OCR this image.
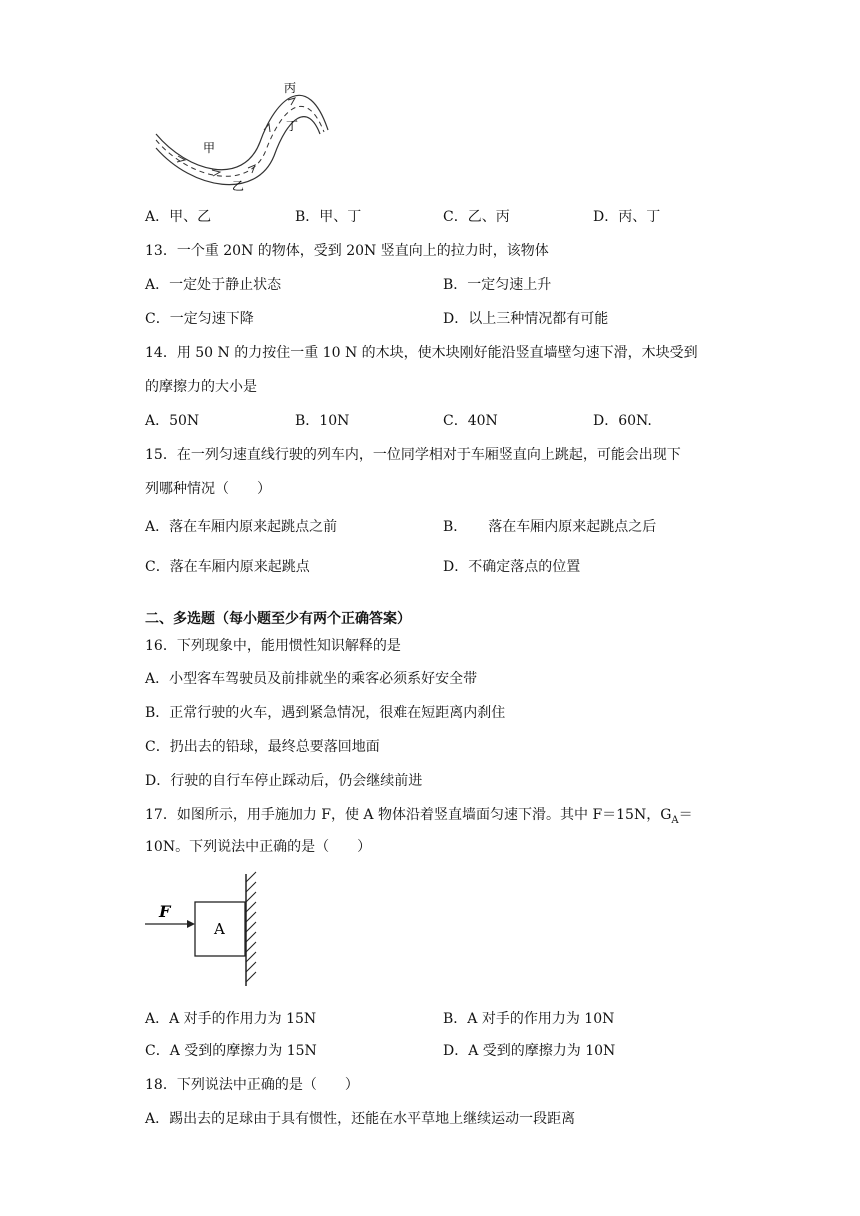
甲
乙
丙
丁
A．甲、乙	B．甲、丁	C．乙、丙	D．丙、丁
13．一个重 20N 的物体，受到 20N 竖直向上的拉力时，该物体
A．一定处于静止状态	B．一定匀速上升
C．一定匀速下降	D．以上三种情况都有可能
14．用 50 N 的力按住一重 10 N 的木块，使木块刚好能沿竖直墙壁匀速下滑，木块受到
的摩擦力的大小是
A．50N	B．10N	C．40N	D．60N.
15．在一列匀速直线行驶的列车内，一位同学相对于车厢竖直向上跳起，可能会出现下
列哪种情况（　　）
A．落在车厢内原来起跳点之前	B．　　落在车厢内原来起跳点之后
C．落在车厢内原来起跳点	D．不确定落点的位置
二、多选题（每小题至少有两个正确答案）
16．下列现象中，能用惯性知识解释的是
A．小型客车驾驶员及前排就坐的乘客必须系好安全带
B．正常行驶的火车，遇到紧急情况，很难在短距离内刹住
C．扔出去的铅球，最终总要落回地面
D．行驶的自行车停止踩动后，仍会继续前进
17．如图所示，用手施加力 F，使 A 物体沿着竖直墙面匀速下滑。其中 F＝15N，$G_A=$
10N。下列说法中正确的是（　　）
F
A
A．A 对手的作用力为 15N	B．A 对手的作用力为 10N
C．A 受到的摩擦力为 15N	D．A 受到的摩擦力为 10N
18．下列说法中正确的是（　　）
A．踢出去的足球由于具有惯性，还能在水平草地上继续运动一段距离
